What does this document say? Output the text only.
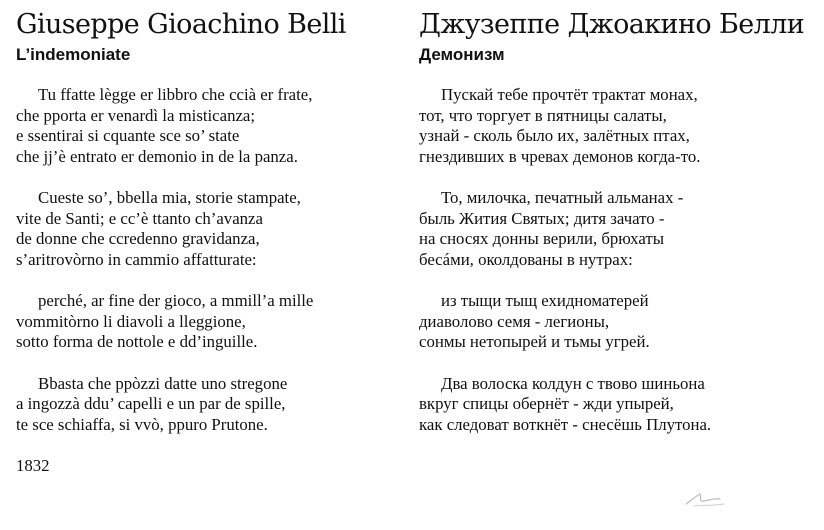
Giuseppe Gioachino Belli
L’indemoniate
Tu ffatte lègge er libbro che ccià er frate,
che pporta er venardì la misticanza;
e ssentirai si cquante sce so’ state
che jj’è entrato er demonio in de la panza.
Cueste so’, bbella mia, storie stampate,
vite de Santi; e cc’è ttanto ch’avanza
de donne che ccredenno gravidanza,
s’aritrovòrno in cammio affatturate:
perché, ar fine der gioco, a mmill’a mille
vommitòrno li diavoli a lleggione,
sotto forma de nottole e dd’inguille.
Bbasta che ppòzzi datte uno stregone
a ingozzà ddu’ capelli e un par de spille,
te sce schiaffa, si vvò, ppuro Prutone.
1832
Джузеппе Джоакино Белли
Демонизм
Пускай тебе прочтёт трактат монах,
тот, что торгует в пятницы салаты,
узнай - сколь было их, залётных птах,
гнездивших в чревах демонов когда-то.
То, милочка, печатный альманах -
быль Жития Святых; дитя зачато -
на сносях донны верили, брюхаты
бесáми, околдованы в нутрах:
из тыщи тыщ ехидноматерей
диаволово семя - легионы,
сонмы нетопырей и тьмы угрей.
Два волоска колдун с твово шиньона
вкруг спицы обернёт - жди упырей,
как следоват воткнёт - снесёшь Плутона.
